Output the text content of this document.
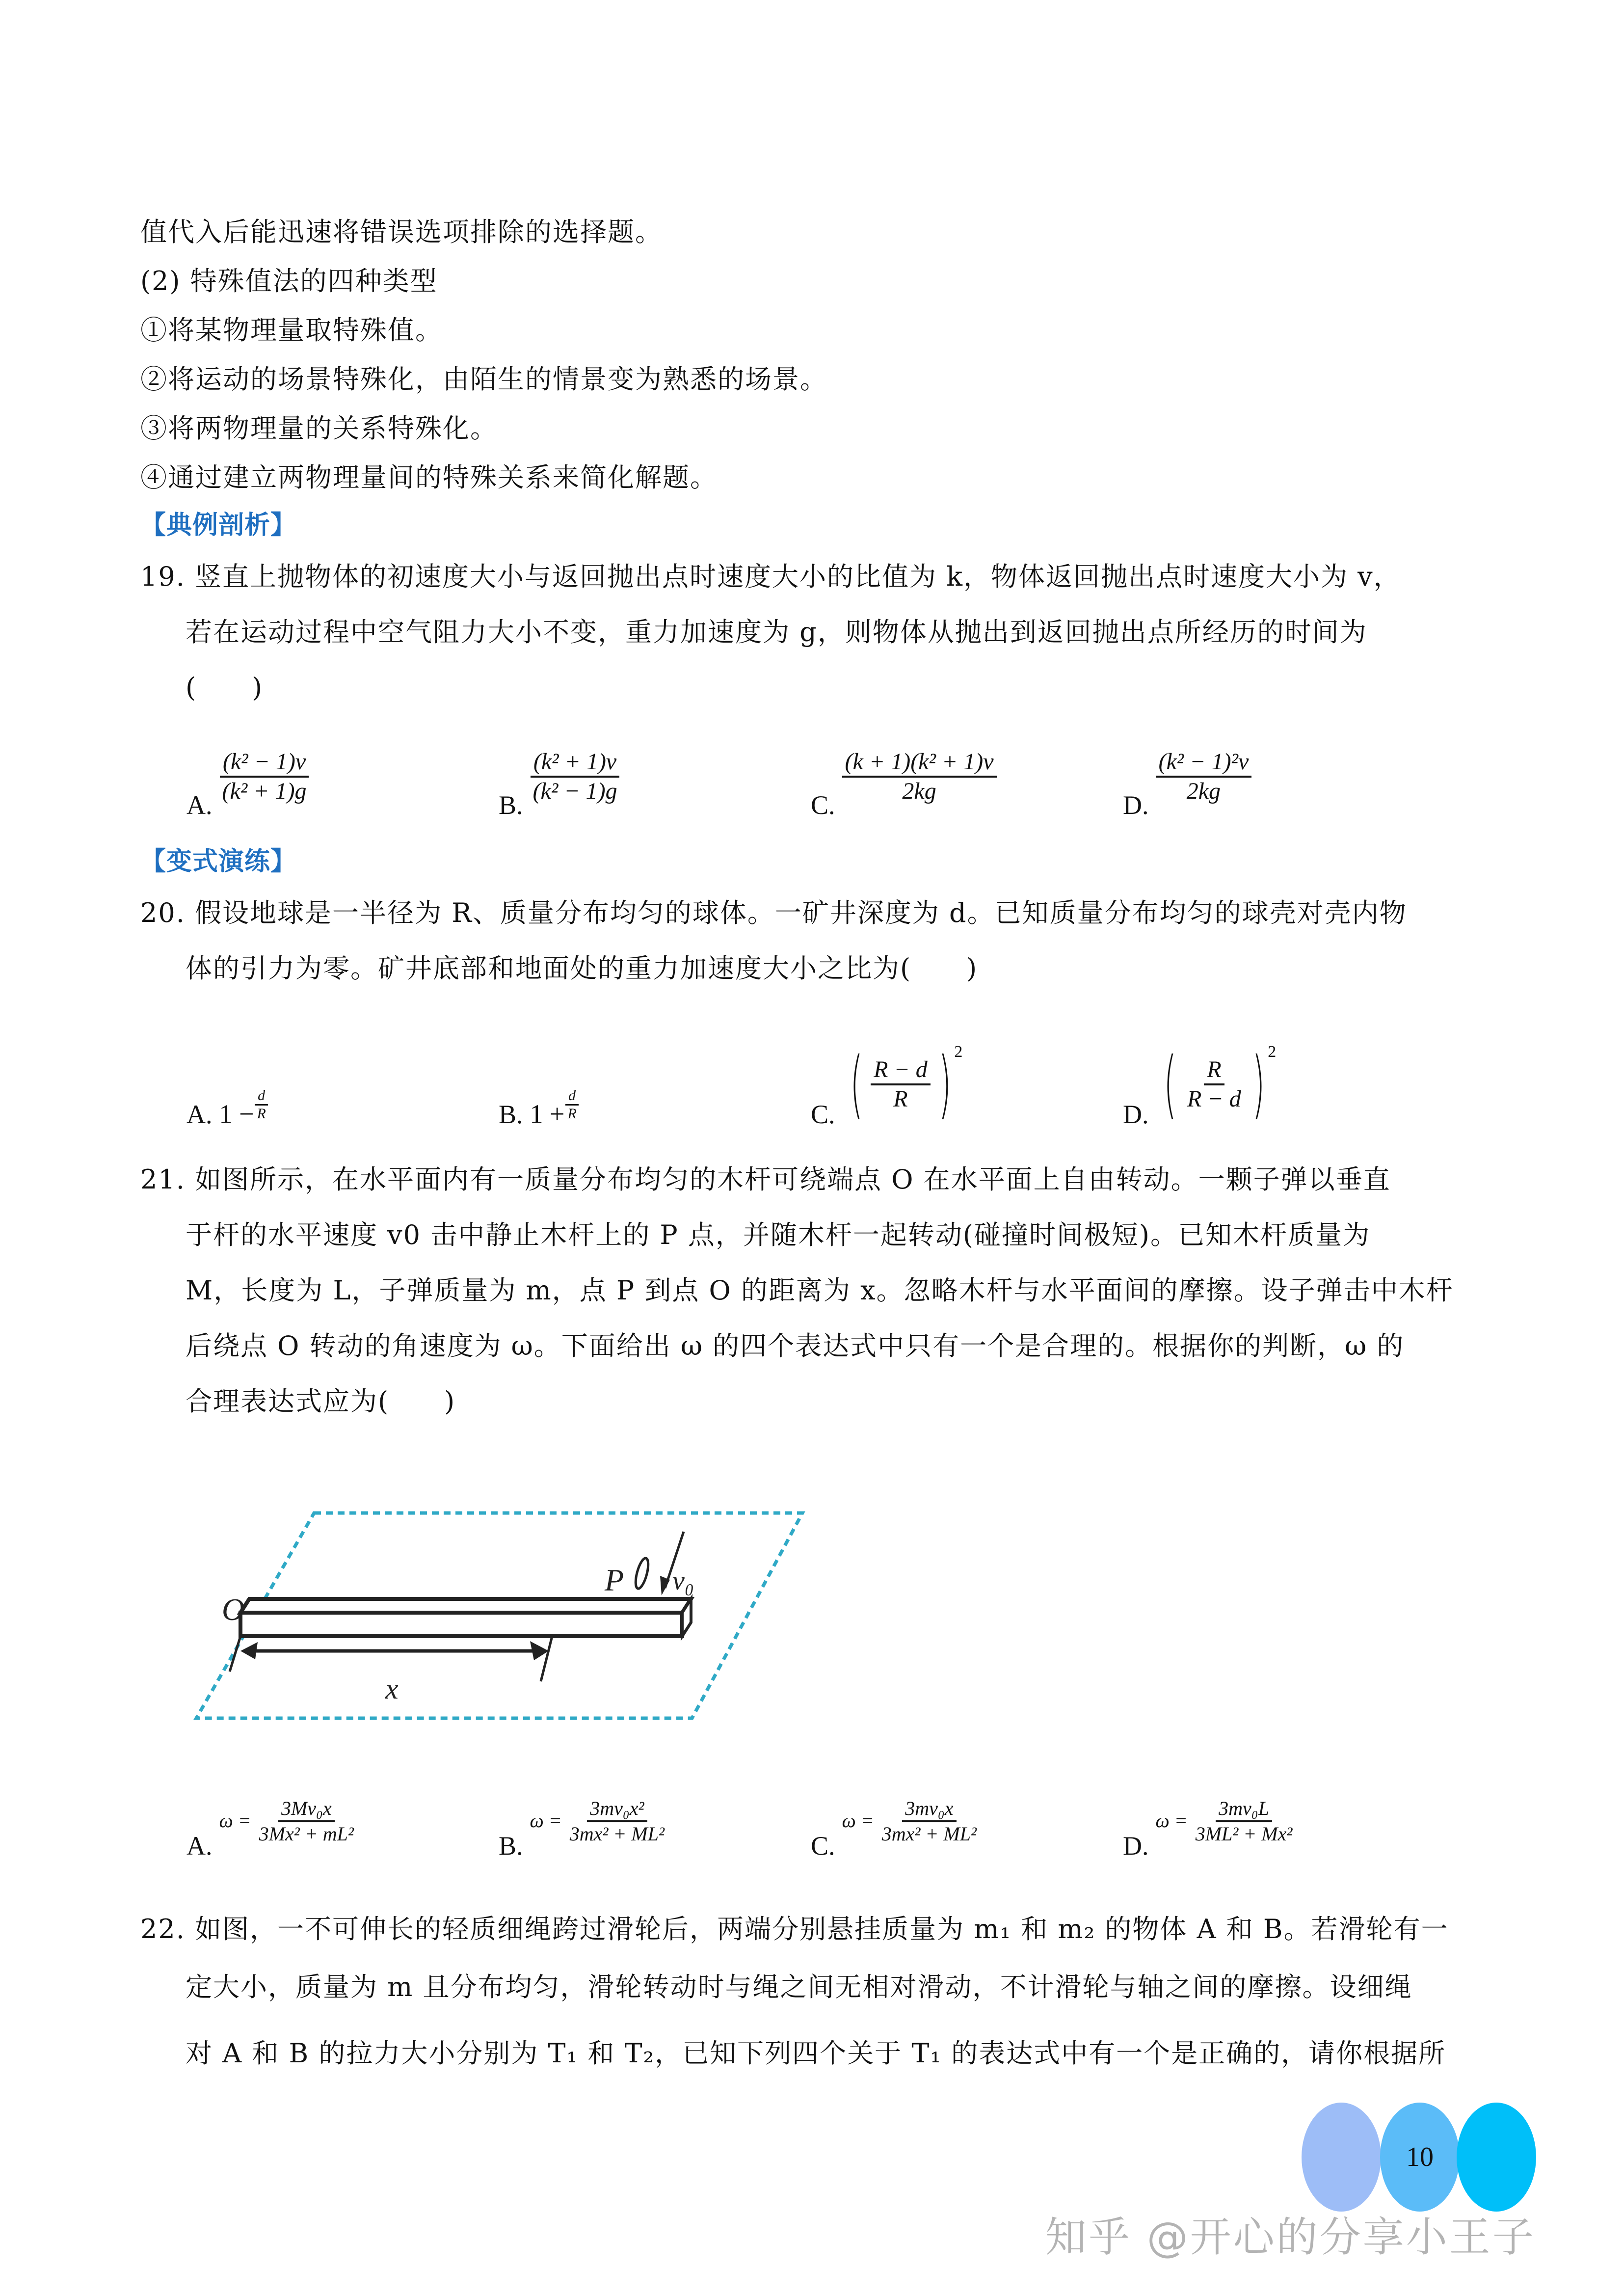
值代入后能迅速将错误选项排除的选择题。
(2) 特殊值法的四种类型
①将某物理量取特殊值。
②将运动的场景特殊化，由陌生的情景变为熟悉的场景。
③将两物理量的关系特殊化。
④通过建立两物理量间的特殊关系来简化解题。
【典例剖析】
19. 竖直上抛物体的初速度大小与返回抛出点时速度大小的比值为 k，物体返回抛出点时速度大小为 v，
若在运动过程中空气阻力大小不变，重力加速度为 g，则物体从抛出到返回抛出点所经历的时间为
(　　)
A. $\frac{\text{(k² − 1)v}}{\text{(k² + 1)g}}$	B. $\frac{\text{(k² + 1)v}}{\text{(k² − 1)g}}$	C. $\frac{\text{(k + 1)(k² + 1)v}}{2kg}$	D. $\frac{\text{(k² − 1)²v}}{2kg}$
【变式演练】
20. 假设地球是一半径为 R、质量分布均匀的球体。一矿井深度为 d。已知质量分布均匀的球壳对壳内物
体的引力为零。矿井底部和地面处的重力加速度大小之比为(　　)
A. $1 - \frac{d}{R}$	B. $1 + \frac{d}{R}$	C. ( $\frac{R - d}{R}$ ) 2
D. ( $\frac{R}{R - d}$ ) 2
21. 如图所示，在水平面内有一质量分布均匀的木杆可绕端点 O 在水平面上自由转动。一颗子弹以垂直
于杆的水平速度 v0 击中静止木杆上的 P 点，并随木杆一起转动(碰撞时间极短)。已知木杆质量为
M，长度为 L，子弹质量为 m，点 P 到点 O 的距离为 x。忽略木杆与水平面间的摩擦。设子弹击中木杆
后绕点 O 转动的角速度为 ω。下面给出 ω 的四个表达式中只有一个是合理的。根据你的判断，ω 的
合理表达式应为(　　)
O
P v₀
x
A.
$\omega = \frac{\text{3Mv₀x}}{\text{3Mx² + mL²}}$	B.
$\omega = \frac{\text{3mv₀x²}}{\text{3mx² + ML²}}$	C.
$\omega = \frac{\text{3mv₀x}}{\text{3mx² + ML²}}$	D.
$\omega = \frac{\text{3mv₀L}}{\text{3ML² + Mx²}}$
22. 如图，一不可伸长的轻质细绳跨过滑轮后，两端分别悬挂质量为 m₁ 和 m₂ 的物体 A 和 B。若滑轮有一
定大小，质量为 m 且分布均匀，滑轮转动时与绳之间无相对滑动，不计滑轮与轴之间的摩擦。设细绳
对 A 和 B 的拉力大小分别为 T₁ 和 T₂，已知下列四个关于 T₁ 的表达式中有一个是正确的，请你根据所
10
知乎 @开心的分享小王子
